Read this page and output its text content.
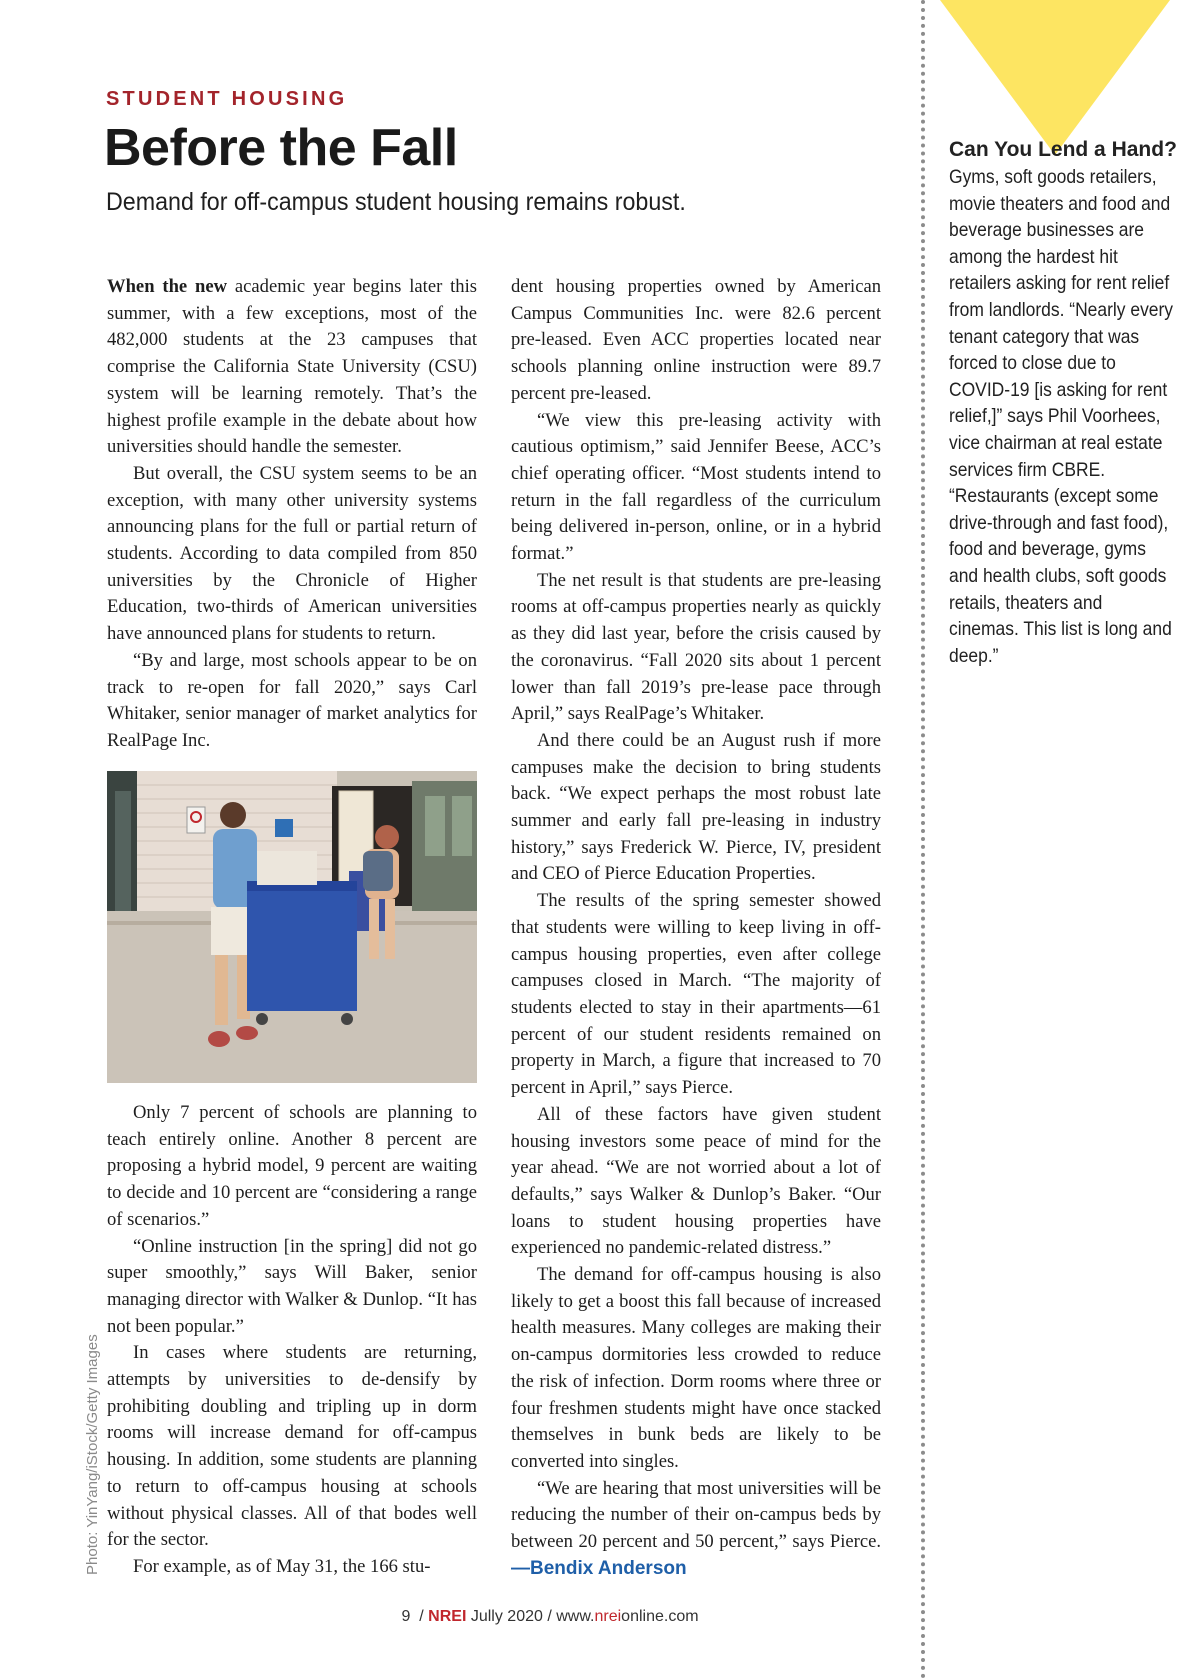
STUDENT HOUSING
Before the Fall
Demand for off-campus student housing remains robust.

When the new academic year begins later this summer, with a few exceptions, most of the 482,000 students at the 23 campuses that comprise the California State University (CSU) system will be learning remotely. That’s the highest profile example in the debate about how universities should handle the semester.

But overall, the CSU system seems to be an exception, with many other university systems announcing plans for the full or partial return of students. According to data compiled from 850 universities by the Chronicle of Higher Education, two-thirds of American universities have announced plans for students to return.

“By and large, most schools appear to be on track to re-open for fall 2020,” says Carl Whitaker, senior manager of market analytics for RealPage Inc.

Only 7 percent of schools are planning to teach entirely online. Another 8 percent are proposing a hybrid model, 9 percent are waiting to decide and 10 percent are “considering a range of scenarios.”

“Online instruction [in the spring] did not go super smoothly,” says Will Baker, senior managing director with Walker & Dunlop. “It has not been popular.”

In cases where students are returning, attempts by universities to de-densify by prohibiting doubling and tripling up in dorm rooms will increase demand for off-campus housing. In addition, some students are planning to return to off-campus housing at schools without physical classes. All of that bodes well for the sector.

For example, as of May 31, the 166 stu-

dent housing properties owned by American Campus Communities Inc. were 82.6 percent pre-leased. Even ACC properties located near schools planning online instruction were 89.7 percent pre-leased.

“We view this pre-leasing activity with cautious optimism,” said Jennifer Beese, ACC’s chief operating officer. “Most students intend to return in the fall regardless of the curriculum being delivered in-person, online, or in a hybrid format.”

The net result is that students are pre-leasing rooms at off-campus properties nearly as quickly as they did last year, before the crisis caused by the coronavirus. “Fall 2020 sits about 1 percent lower than fall 2019’s pre-lease pace through April,” says RealPage’s Whitaker.

And there could be an August rush if more campuses make the decision to bring students back. “We expect perhaps the most robust late summer and early fall pre-leasing in industry history,” says Frederick W. Pierce, IV, president and CEO of Pierce Education Properties.

The results of the spring semester showed that students were willing to keep living in off-campus housing properties, even after college campuses closed in March. “The majority of students elected to stay in their apartments—61 percent of our student residents remained on property in March, a figure that increased to 70 percent in April,” says Pierce.

All of these factors have given student housing investors some peace of mind for the year ahead. “We are not worried about a lot of defaults,” says Walker & Dunlop’s Baker. “Our loans to student housing properties have experienced no pandemic-related distress.”

The demand for off-campus housing is also likely to get a boost this fall because of increased health measures. Many colleges are making their on-campus dormitories less crowded to reduce the risk of infection. Dorm rooms where three or four freshmen students might have once stacked themselves in bunk beds are likely to be converted into singles.

“We are hearing that most universities will be reducing the number of their on-campus beds by between 20 percent and 50 percent,” says Pierce. —Bendix Anderson

Photo: YinYang/iStock/Getty Images
Can You Lend a Hand?
Gyms, soft goods retailers, movie theaters and food and beverage businesses are among the hardest hit retailers asking for rent relief from landlords. “Nearly every tenant category that was forced to close due to COVID-19 [is asking for rent relief,]” says Phil Voorhees, vice chairman at real estate services firm CBRE. “Restaurants (except some drive-through and fast food), food and beverage, gyms and health clubs, soft goods retails, theaters and cinemas. This list is long and deep.”
9 / NREI Jully 2020 / www.nreionline.com
